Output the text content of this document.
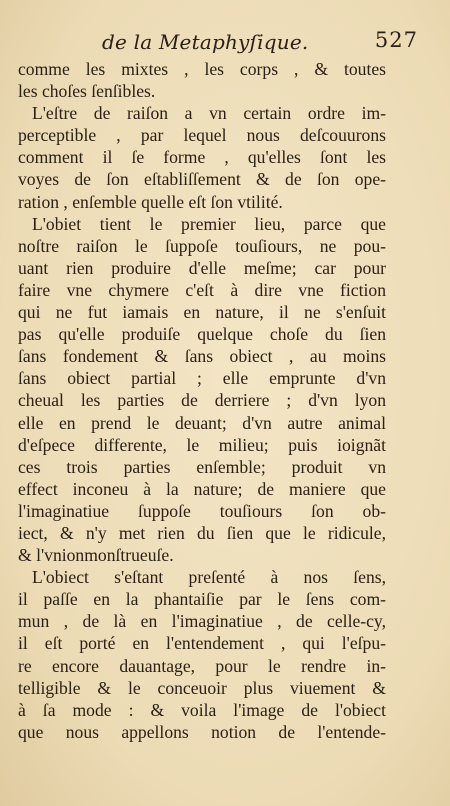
de la Metaphyſique.	527
comme les mixtes , les corps , & toutes
les choſes ſenſibles.
L'eſtre de raiſon a vn certain ordre im-
perceptible , par lequel nous deſcouurons
comment il ſe forme , qu'elles ſont les
voyes de ſon eſtabliſſement & de ſon ope-
ration , enſemble quelle eſt ſon vtilité.
L'obiet tient le premier lieu, parce que
noſtre raiſon le ſuppoſe touſiours, ne pou-
uant rien produire d'elle meſme; car pour
faire vne chymere c'eſt à dire vne fiction
qui ne fut iamais en nature, il ne s'enſuit
pas qu'elle produiſe quelque choſe du ſien
ſans fondement & ſans obiect , au moins
ſans obiect partial ; elle emprunte d'vn
cheual les parties de derriere ; d'vn lyon
elle en prend le deuant; d'vn autre animal
d'eſpece differente, le milieu; puis ioignãt
ces trois parties enſemble; produit vn
effect inconeu à la nature; de maniere que
l'imaginatiue ſuppoſe touſiours ſon ob-
iect, & n'y met rien du ſien que le ridicule,
& l'vnionmonſtrueuſe.
L'obiect s'eſtant preſenté à nos ſens,
il paſſe en la phantaiſie par le ſens com-
mun , de là en l'imaginatiue , de celle-cy,
il eſt porté en l'entendement , qui l'eſpu-
re encore dauantage, pour le rendre in-
telligible & le conceuoir plus viuement &
à ſa mode : & voila l'image de l'obiect
que nous appellons notion de l'entende-
